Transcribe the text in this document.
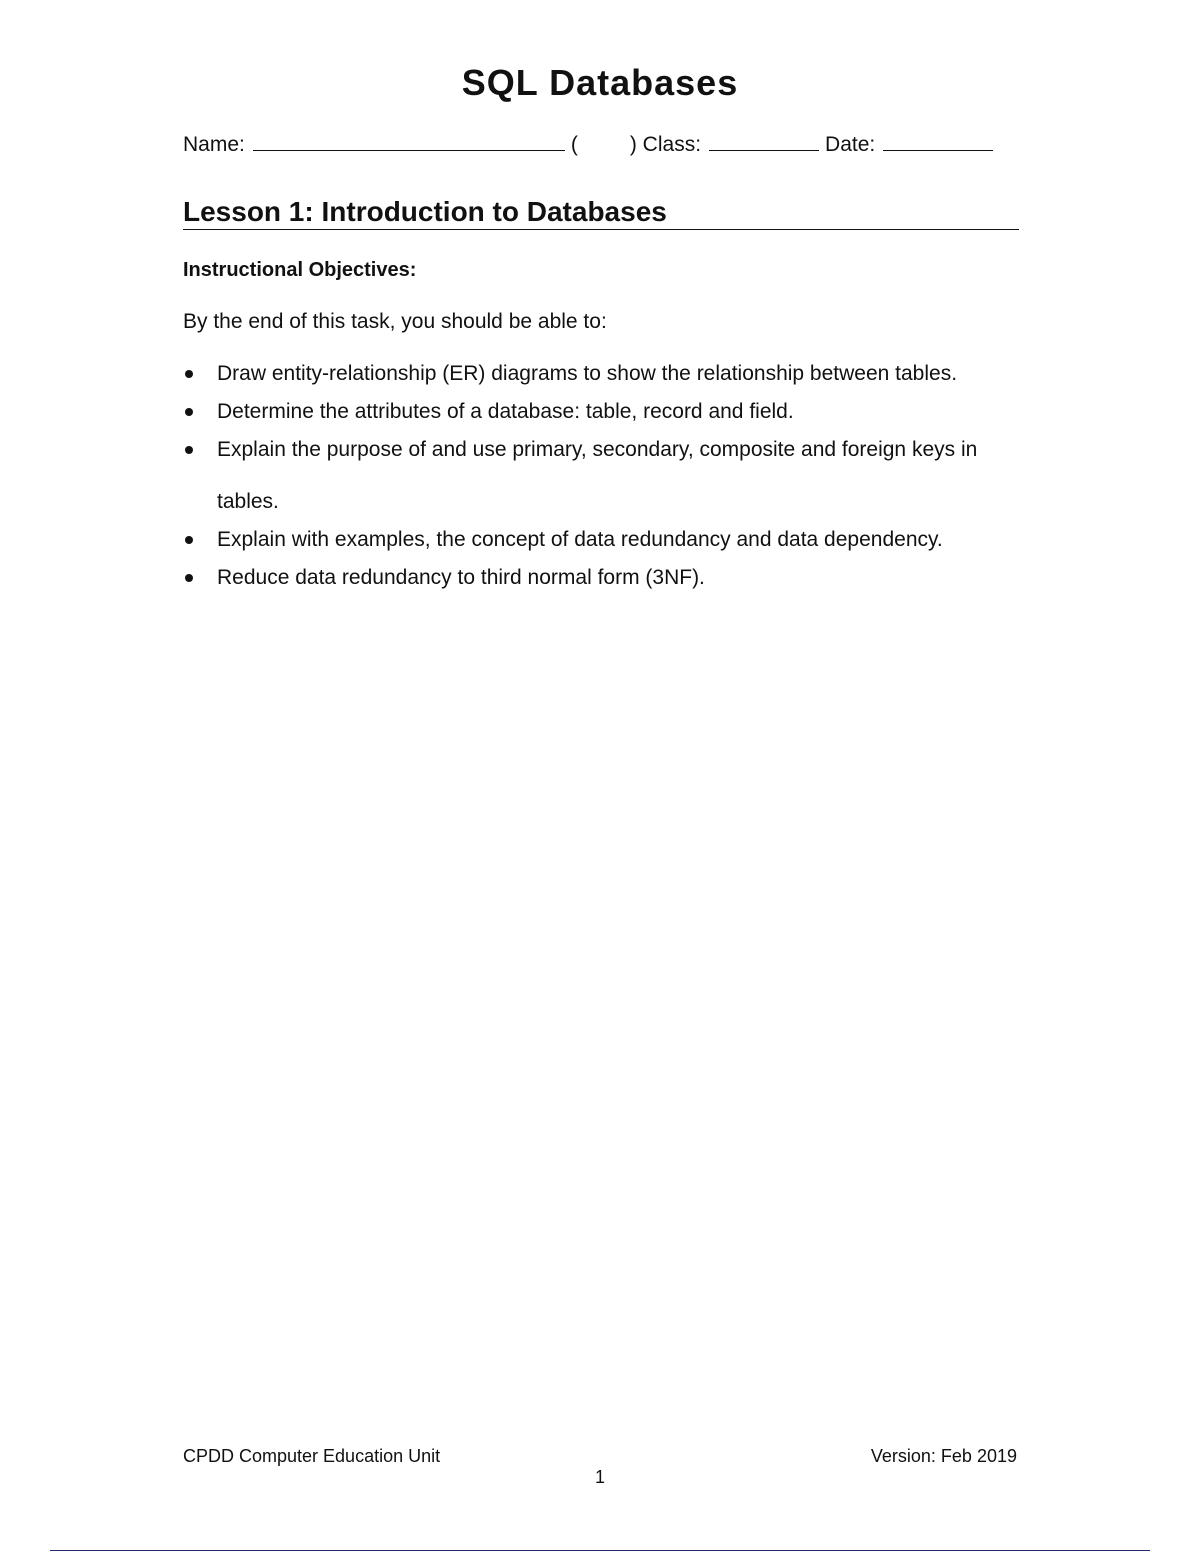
SQL Databases
Name:	( ) Class:	Date:
Lesson 1: Introduction to Databases
Instructional Objectives:

By the end of this task, you should be able to:

Draw entity-relationship (ER) diagrams to show the relationship between tables.
Determine the attributes of a database: table, record and field.
Explain the purpose of and use primary, secondary, composite and foreign keys in tables.
Explain with examples, the concept of data redundancy and data dependency.
Reduce data redundancy to third normal form (3NF).
CPDD Computer Education Unit	Version: Feb 2019
1
